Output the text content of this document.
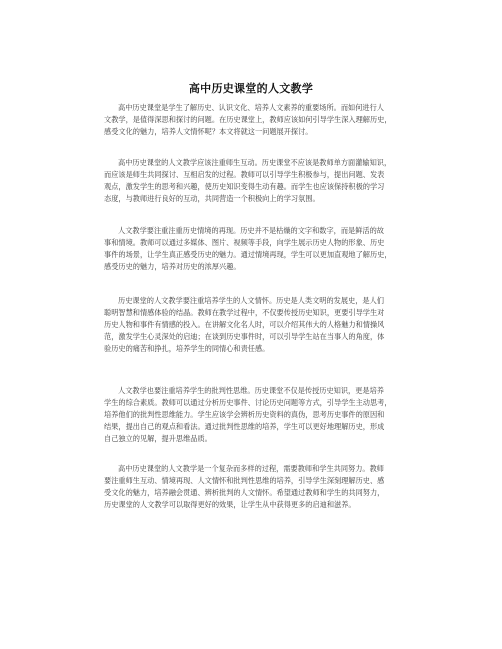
高中历史课堂的人文教学
高中历史课堂是学生了解历史、认识文化、培养人文素养的重要场所。而如何进行人
文教学，是值得深思和探讨的问题。在历史课堂上，教师应该如何引导学生深入理解历史，
感受文化的魅力，培养人文情怀呢？本文将就这一问题展开探讨。
高中历史课堂的人文教学应该注重师生互动。历史课堂不应该是教师单方面灌输知识，
而应该是师生共同探讨、互相启发的过程。教师可以引导学生积极参与，提出问题、发表
观点，激发学生的思考和兴趣，使历史知识变得生动有趣。而学生也应该保持积极的学习
态度，与教师进行良好的互动，共同营造一个积极向上的学习氛围。
人文教学要注重注重历史情境的再现。历史并不是枯燥的文字和数字，而是鲜活的故
事和情境。教师可以通过多媒体、图片、视频等手段，向学生展示历史人物的形象、历史
事件的场景，让学生真正感受历史的魅力。通过情境再现，学生可以更加直观地了解历史，
感受历史的魅力，培养对历史的浓厚兴趣。
历史课堂的人文教学要注重培养学生的人文情怀。历史是人类文明的发展史，是人们
聪明智慧和情感体验的结晶。教师在教学过程中，不仅要传授历史知识，更要引导学生对
历史人物和事件有情感的投入。在讲解文化名人时，可以介绍其伟大的人格魅力和情操风
范，激发学生心灵深处的启迪；在谈到历史事件时，可以引导学生站在当事人的角度，体
验历史的痛苦和挣扎，培养学生的同情心和责任感。
人文教学也要注重培养学生的批判性思维。历史课堂不仅是传授历史知识，更是培养
学生的综合素质。教师可以通过分析历史事件、讨论历史问题等方式，引导学生主动思考，
培养他们的批判性思维能力。学生应该学会辨析历史资料的真伪，思考历史事件的原因和
结果，提出自己的观点和看法。通过批判性思维的培养，学生可以更好地理解历史，形成
自己独立的见解，提升思维品质。
高中历史课堂的人文教学是一个复杂而多样的过程，需要教师和学生共同努力。教师
要注重师生互动、情境再现、人文情怀和批判性思维的培养，引导学生深刻理解历史、感
受文化的魅力，培养融会贯通、辨析批判的人文情怀。希望通过教师和学生的共同努力，
历史课堂的人文教学可以取得更好的效果，让学生从中获得更多的启迪和滋养。
